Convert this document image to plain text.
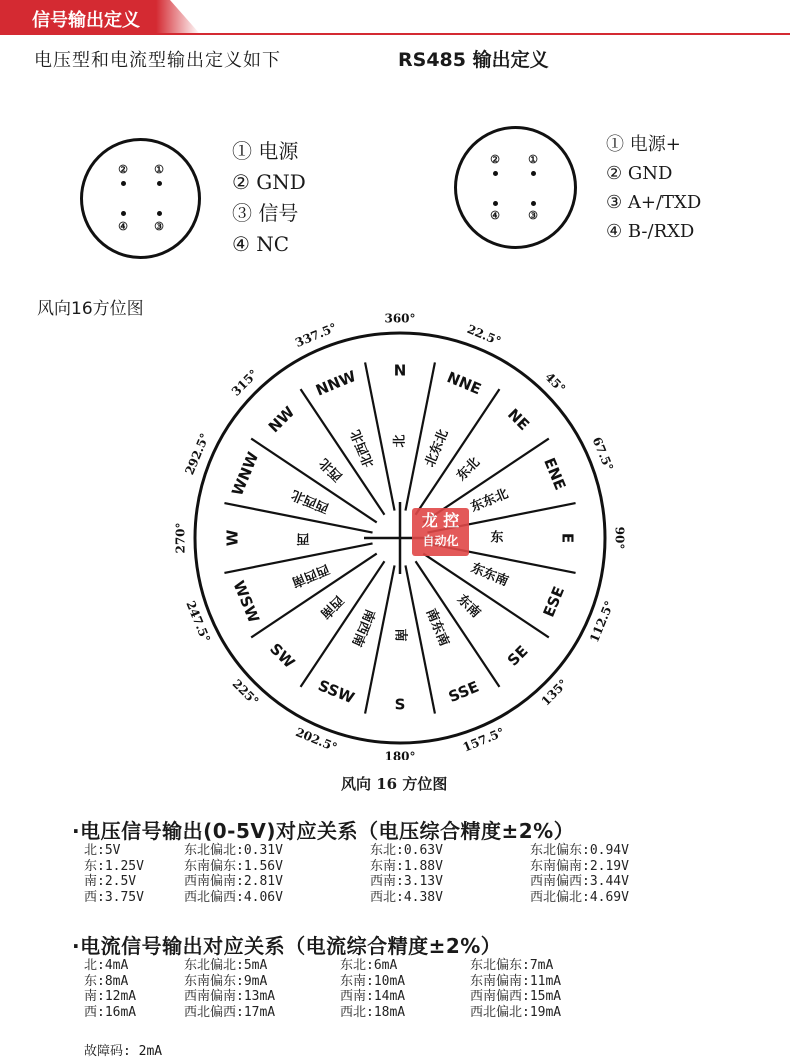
信号输出定义
电压型和电流型输出定义如下	RS485 输出定义
② ①
④ ③
① 电源
② GND
③ 信号
④ NC
②	①
④	③
① 电源+
② GND
③ A+/TXD
④ B-/RXD
风向16方位图	360°
N
北
22.5°
NNE
北东北
45°
NE
东北	67.5°
ENE
东东北
90°
E
东
112.5°
ESE
东东南
135°
SE
东南
157.5°
SSE
南东南
180°
S
南
202.5°
SSW
南西南
225°
SW
西南
247.5° WSW
西西南
270° W	西
292.5° WNW
西西北
315°
NW
西北
337.5°
NNW
北西北
龙 控
自动化
风向 16 方位图
·电压信号输出(0-5V)对应关系（电压综合精度±2%）
北:5V	东北偏北:0.31V	东北:0.63V	东北偏东:0.94V
东:1.25V	东南偏东:1.56V	东南:1.88V	东南偏南:2.19V
南:2.5V	西南偏南:2.81V	西南:3.13V	西南偏西:3.44V
西:3.75V	西北偏西:4.06V	西北:4.38V	西北偏北:4.69V
·电流信号输出对应关系（电流综合精度±2%）
北:4mA	东北偏北:5mA	东北:6mA	东北偏东:7mA
东:8mA	东南偏东:9mA	东南:10mA	东南偏南:11mA
南:12mA	西南偏南:13mA	西南:14mA	西南偏西:15mA
西:16mA	西北偏西:17mA	西北:18mA	西北偏北:19mA
故障码: 2mA
